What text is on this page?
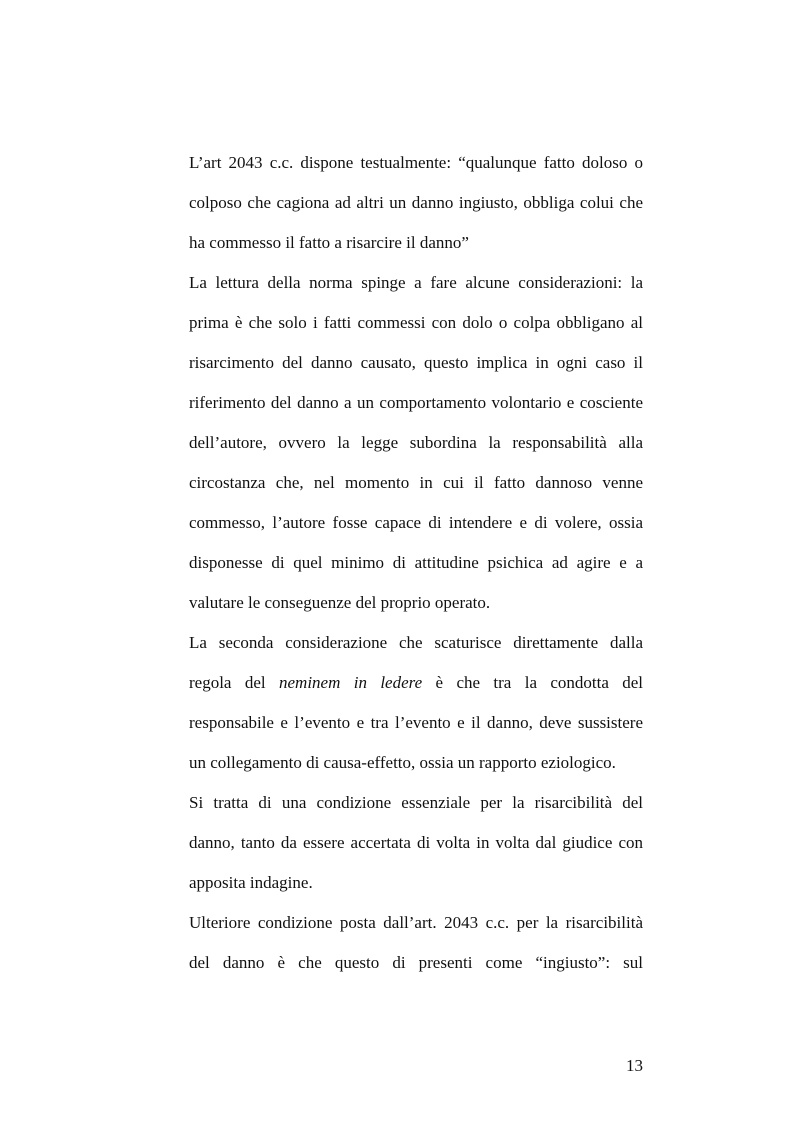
L’art 2043 c.c. dispone testualmente: “qualunque fatto doloso o
colposo che cagiona ad altri un danno ingiusto, obbliga colui che
ha commesso il fatto a risarcire il danno”
La lettura della norma spinge a fare alcune considerazioni: la
prima è che solo i fatti commessi con dolo o colpa obbligano al
risarcimento del danno causato, questo implica in ogni caso il
riferimento del danno a un comportamento volontario e cosciente
dell’autore, ovvero la legge subordina la responsabilità alla
circostanza che, nel momento in cui il fatto dannoso venne
commesso, l’autore fosse capace di intendere e di volere, ossia
disponesse di quel minimo di attitudine psichica ad agire e a
valutare le conseguenze del proprio operato.
La seconda considerazione che scaturisce direttamente dalla
regola del neminem in ledere è che tra la condotta del
responsabile e l’evento e tra l’evento e il danno, deve sussistere
un collegamento di causa-effetto, ossia un rapporto eziologico.
Si tratta di una condizione essenziale per la risarcibilità del
danno, tanto da essere accertata di volta in volta dal giudice con
apposita indagine.
Ulteriore condizione posta dall’art. 2043 c.c. per la risarcibilità
del danno è che questo di presenti come “ingiusto”: sul
13
